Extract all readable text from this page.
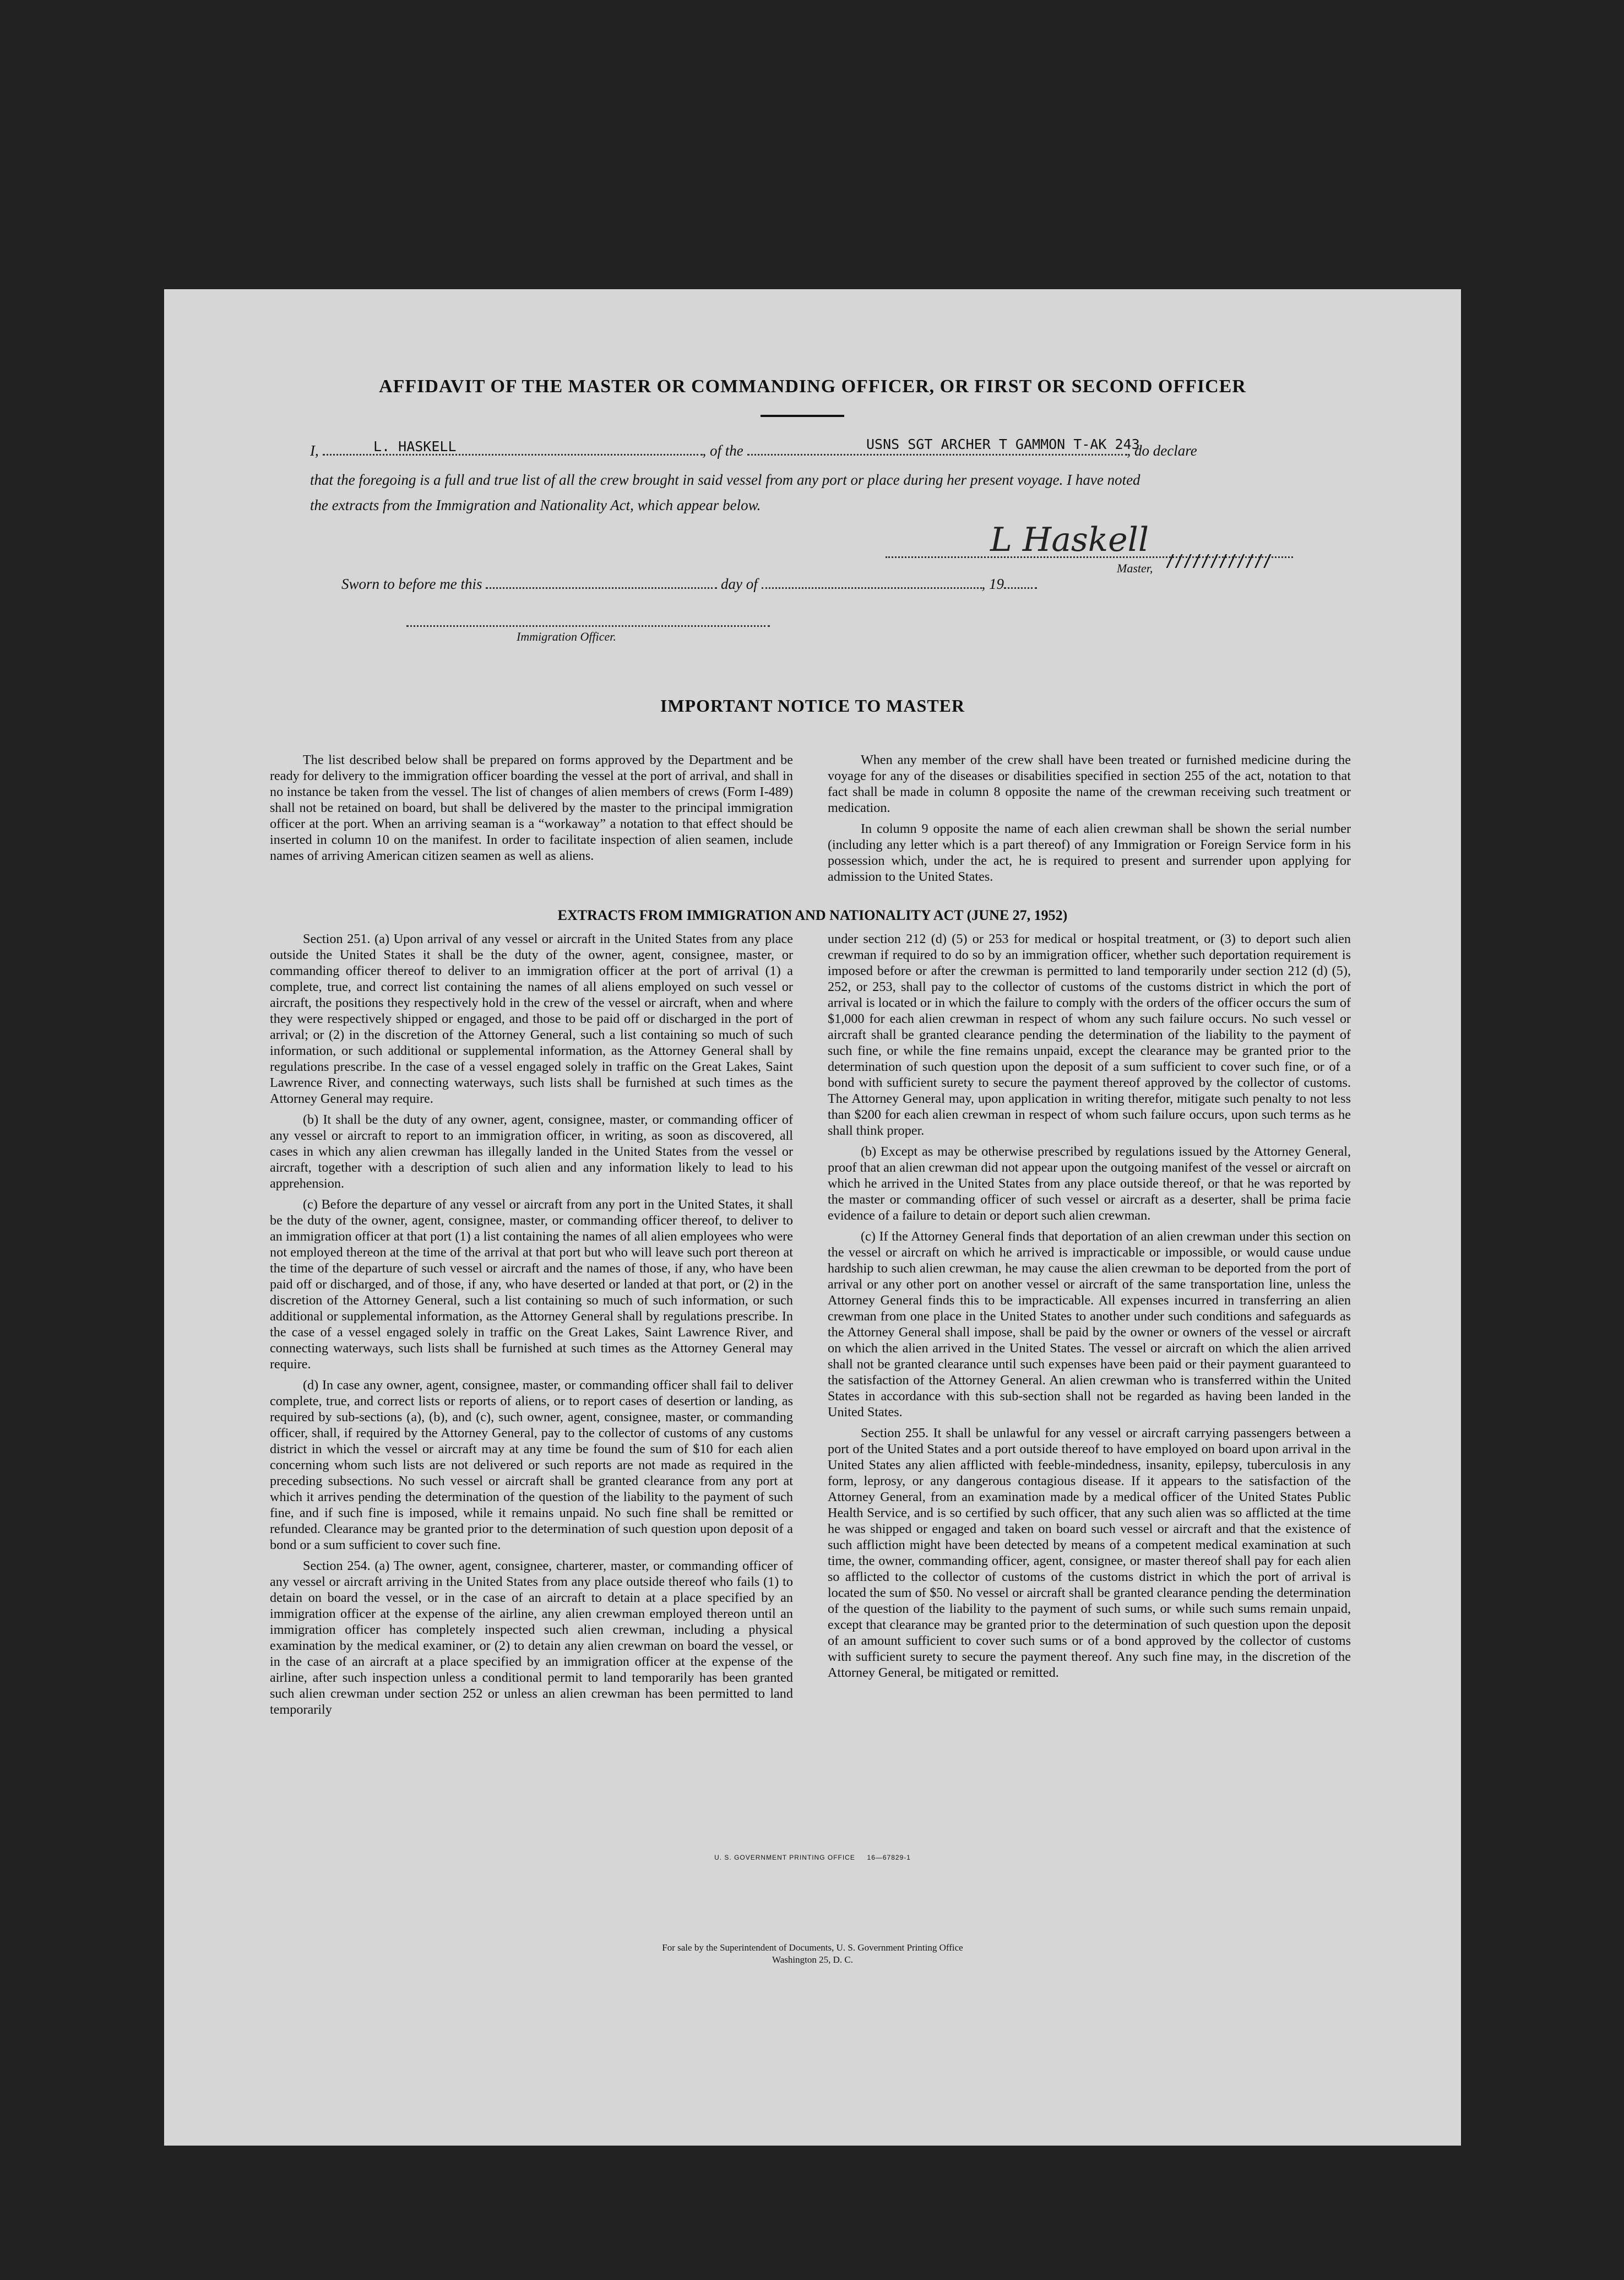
AFFIDAVIT OF THE MASTER OR COMMANDING OFFICER, OR FIRST OR SECOND OFFICER
I,	, of the	, do declare
L. HASKELL	USNS SGT ARCHER T GAMMON T-AK 243
that the foregoing is a full and true list of all the crew brought in said vessel from any port or place during her present voyage. I have noted
the extracts from the Immigration and Nationality Act, which appear below.
L Haskell
Master, ////////////
Sworn to before me this	day of	, 19
Immigration Officer.
IMPORTANT NOTICE TO MASTER

The list described below shall be prepared on forms approved by the Department and be ready for delivery to the immigration officer boarding the vessel at the port of arrival, and shall in no instance be taken from the vessel. The list of changes of alien members of crews (Form I-489) shall not be retained on board, but shall be delivered by the master to the principal immigration officer at the port. When an arriving seaman is a “workaway” a notation to that effect should be inserted in column 10 on the manifest. In order to facilitate inspection of alien seamen, include names of arriving American citizen seamen as well as aliens.

When any member of the crew shall have been treated or furnished medicine during the voyage for any of the diseases or disabilities specified in section 255 of the act, notation to that fact shall be made in column 8 opposite the name of the crewman receiving such treatment or medication.

In column 9 opposite the name of each alien crewman shall be shown the serial number (including any letter which is a part thereof) of any Immigration or Foreign Service form in his possession which, under the act, he is required to present and surrender upon applying for admission to the United States.

EXTRACTS FROM IMMIGRATION AND NATIONALITY ACT (JUNE 27, 1952)

Section 251. (a) Upon arrival of any vessel or aircraft in the United States from any place outside the United States it shall be the duty of the owner, agent, consignee, master, or commanding officer thereof to deliver to an immigration officer at the port of arrival (1) a complete, true, and correct list containing the names of all aliens employed on such vessel or aircraft, the positions they respectively hold in the crew of the vessel or aircraft, when and where they were respectively shipped or engaged, and those to be paid off or discharged in the port of arrival; or (2) in the discretion of the Attorney General, such a list containing so much of such information, or such additional or supplemental information, as the Attorney General shall by regulations prescribe. In the case of a vessel engaged solely in traffic on the Great Lakes, Saint Lawrence River, and connecting waterways, such lists shall be furnished at such times as the Attorney General may require.

(b) It shall be the duty of any owner, agent, consignee, master, or commanding officer of any vessel or aircraft to report to an immigration officer, in writing, as soon as discovered, all cases in which any alien crewman has illegally landed in the United States from the vessel or aircraft, together with a description of such alien and any information likely to lead to his apprehension.

(c) Before the departure of any vessel or aircraft from any port in the United States, it shall be the duty of the owner, agent, consignee, master, or commanding officer thereof, to deliver to an immigration officer at that port (1) a list containing the names of all alien employees who were not employed thereon at the time of the arrival at that port but who will leave such port thereon at the time of the departure of such vessel or aircraft and the names of those, if any, who have been paid off or discharged, and of those, if any, who have deserted or landed at that port, or (2) in the discretion of the Attorney General, such a list containing so much of such information, or such additional or supplemental information, as the Attorney General shall by regulations prescribe. In the case of a vessel engaged solely in traffic on the Great Lakes, Saint Lawrence River, and connecting waterways, such lists shall be furnished at such times as the Attorney General may require.

(d) In case any owner, agent, consignee, master, or commanding officer shall fail to deliver complete, true, and correct lists or reports of aliens, or to report cases of desertion or landing, as required by sub-sections (a), (b), and (c), such owner, agent, consignee, master, or commanding officer, shall, if required by the Attorney General, pay to the collector of customs of any customs district in which the vessel or aircraft may at any time be found the sum of $10 for each alien concerning whom such lists are not delivered or such reports are not made as required in the preceding subsections. No such vessel or aircraft shall be granted clearance from any port at which it arrives pending the determination of the question of the liability to the payment of such fine, and if such fine is imposed, while it remains unpaid. No such fine shall be remitted or refunded. Clearance may be granted prior to the determination of such question upon deposit of a bond or a sum sufficient to cover such fine.

Section 254. (a) The owner, agent, consignee, charterer, master, or commanding officer of any vessel or aircraft arriving in the United States from any place outside thereof who fails (1) to detain on board the vessel, or in the case of an aircraft to detain at a place specified by an immigration officer at the expense of the airline, any alien crewman employed thereon until an immigration officer has completely inspected such alien crewman, including a physical examination by the medical examiner, or (2) to detain any alien crewman on board the vessel, or in the case of an aircraft at a place specified by an immigration officer at the expense of the airline, after such inspection unless a conditional permit to land temporarily has been granted such alien crewman under section 252 or unless an alien crewman has been permitted to land temporarily

under section 212 (d) (5) or 253 for medical or hospital treatment, or (3) to deport such alien crewman if required to do so by an immigration officer, whether such deportation requirement is imposed before or after the crewman is permitted to land temporarily under section 212 (d) (5), 252, or 253, shall pay to the collector of customs of the customs district in which the port of arrival is located or in which the failure to comply with the orders of the officer occurs the sum of $1,000 for each alien crewman in respect of whom any such failure occurs. No such vessel or aircraft shall be granted clearance pending the determination of the liability to the payment of such fine, or while the fine remains unpaid, except the clearance may be granted prior to the determination of such question upon the deposit of a sum sufficient to cover such fine, or of a bond with sufficient surety to secure the payment thereof approved by the collector of customs. The Attorney General may, upon application in writing therefor, mitigate such penalty to not less than $200 for each alien crewman in respect of whom such failure occurs, upon such terms as he shall think proper.

(b) Except as may be otherwise prescribed by regulations issued by the Attorney General, proof that an alien crewman did not appear upon the outgoing manifest of the vessel or aircraft on which he arrived in the United States from any place outside thereof, or that he was reported by the master or commanding officer of such vessel or aircraft as a deserter, shall be prima facie evidence of a failure to detain or deport such alien crewman.

(c) If the Attorney General finds that deportation of an alien crewman under this section on the vessel or aircraft on which he arrived is impracticable or impossible, or would cause undue hardship to such alien crewman, he may cause the alien crewman to be deported from the port of arrival or any other port on another vessel or aircraft of the same transportation line, unless the Attorney General finds this to be impracticable. All expenses incurred in transferring an alien crewman from one place in the United States to another under such conditions and safeguards as the Attorney General shall impose, shall be paid by the owner or owners of the vessel or aircraft on which the alien arrived in the United States. The vessel or aircraft on which the alien arrived shall not be granted clearance until such expenses have been paid or their payment guaranteed to the satisfaction of the Attorney General. An alien crewman who is transferred within the United States in accordance with this sub-section shall not be regarded as having been landed in the United States.

Section 255. It shall be unlawful for any vessel or aircraft carrying passengers between a port of the United States and a port outside thereof to have employed on board upon arrival in the United States any alien afflicted with feeble-mindedness, insanity, epilepsy, tuberculosis in any form, leprosy, or any dangerous contagious disease. If it appears to the satisfaction of the Attorney General, from an examination made by a medical officer of the United States Public Health Service, and is so certified by such officer, that any such alien was so afflicted at the time he was shipped or engaged and taken on board such vessel or aircraft and that the existence of such affliction might have been detected by means of a competent medical examination at such time, the owner, commanding officer, agent, consignee, or master thereof shall pay for each alien so afflicted to the collector of customs of the customs district in which the port of arrival is located the sum of $50. No vessel or aircraft shall be granted clearance pending the determination of the question of the liability to the payment of such sums, or while such sums remain unpaid, except that clearance may be granted prior to the determination of such question upon the deposit of an amount sufficient to cover such sums or of a bond approved by the collector of customs with sufficient surety to secure the payment thereof. Any such fine may, in the discretion of the Attorney General, be mitigated or remitted.

U. S. GOVERNMENT PRINTING OFFICE     16—67829-1
For sale by the Superintendent of Documents, U. S. Government Printing Office
Washington 25, D. C.
